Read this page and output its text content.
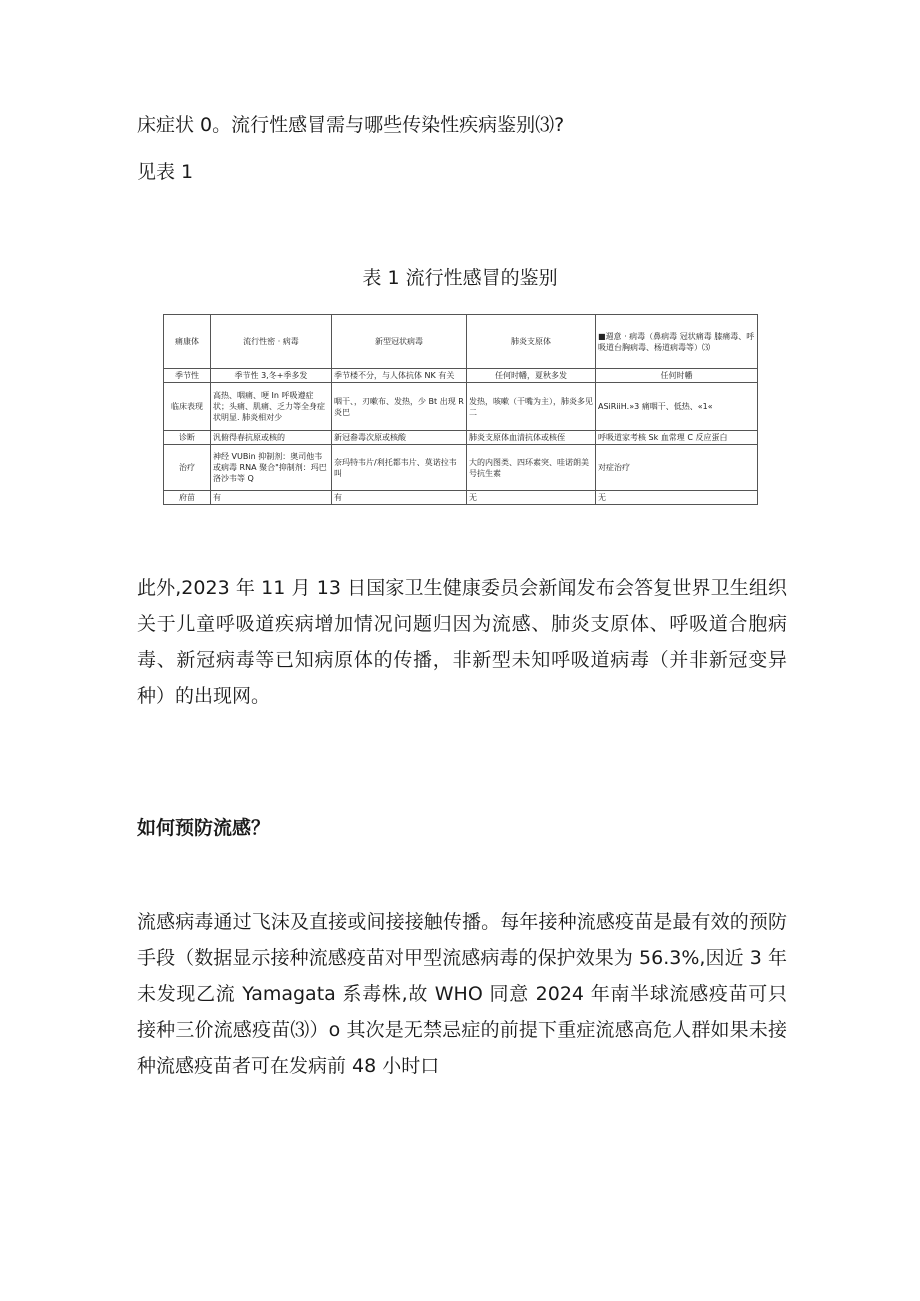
床症状 0。流行性感冒需与哪些传染性疾病鉴别⑶?
见表 1
表 1 流行性感冒的鉴别
痛康体	流行性密 · 病毒	新型冠状病毒	肺炎支原体	■週意 · 病毒（鼻病毒 冠状痛毒 膝痛毒、呼吸道台胸病毒、杨道病毒等）⑶
季节性	季节性 3,冬+季多发	季节楼不分，与人体抗体 NK 有关	任何时幡，夏秋多发	任何时幡
临床表现	高热、咽痛、哽 In 呼吸遵症状；头痛、肌痛、乏力等全身症状明显. 肺炎相对少	咽干、，刃嗽布、发热，少 Bt 出现 R 炎巴	发热，咳嗽（干嘴为主），肺炎多见二	ASiRiiH.»3 痛咽干、低热、«1«
诊断	汎俯得春抗原或核的	新冠畚毒次原或核酸	肺炎支原体血清抗体或核侄	呼吸道家考核 Sk 血常理 C 反应蛋白
治疗	神经 VUBin 抑制剂：奥司他韦或病毒 RNA 聚合"抑制剂：玛巴洛沙韦等 Q	奈玛特韦片/利托都韦片、莫诺拉韦叫	大的内图类、四环素突、哇诺朗美号抗生素	对症治疗
府苗	有	有	无	无
此外,2023 年 11 月 13 日国家卫生健康委员会新闻发布会答复世界卫生组织关于儿童呼吸道疾病增加情况问题归因为流感、肺炎支原体、呼吸道合胞病毒、新冠病毒等已知病原体的传播，非新型未知呼吸道病毒（并非新冠变异种）的出现网。
如何预防流感？
流感病毒通过飞沫及直接或间接接触传播。每年接种流感疫苗是最有效的预防手段（数据显示接种流感疫苗对甲型流感病毒的保护效果为 56.3%,因近 3 年未发现乙流 Yamagata 系毒株,故 WHO 同意 2024 年南半球流感疫苗可只接种三价流感疫苗⑶）o 其次是无禁忌症的前提下重症流感高危人群如果未接种流感疫苗者可在发病前 48 小时口
